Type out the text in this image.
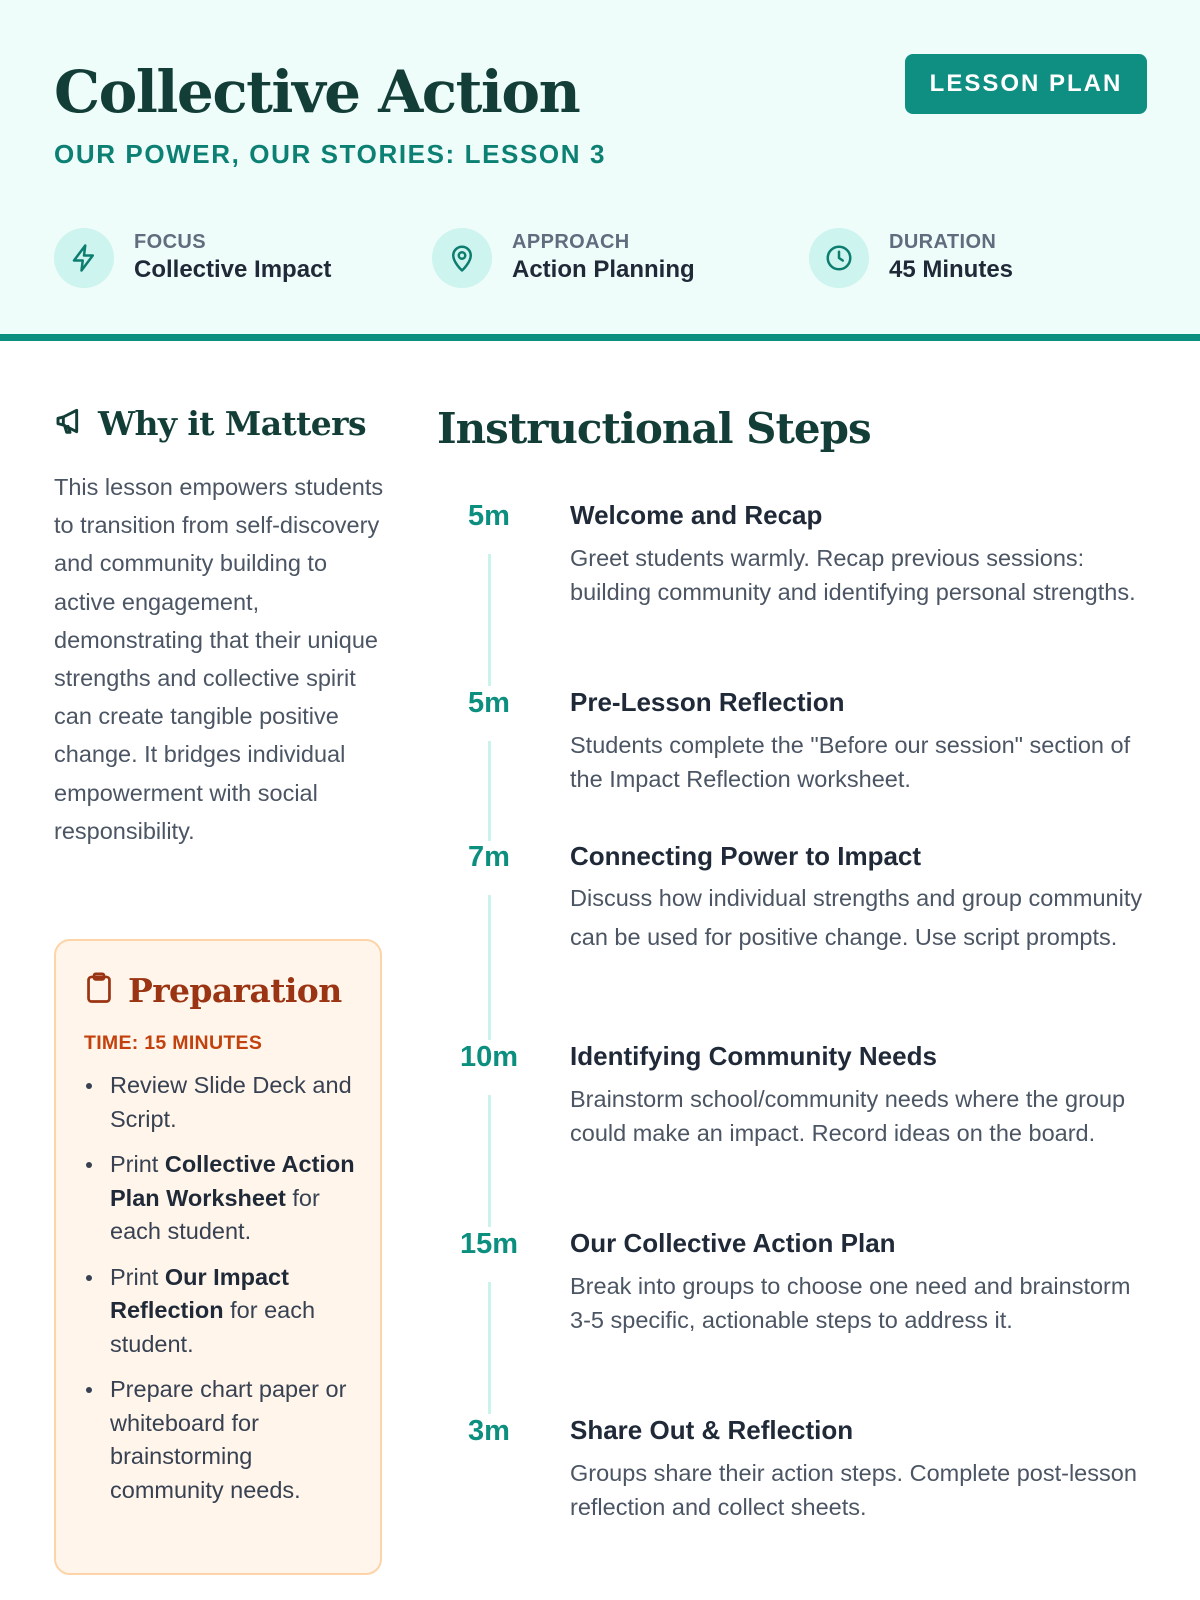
Collective Action
OUR POWER, OUR STORIES: LESSON 3
LESSON PLAN
FOCUS
Collective Impact
APPROACH
Action Planning
DURATION
45 Minutes
Why it Matters

This lesson empowers students to transition from self-discovery and community building to active engagement, demonstrating that their unique strengths and collective spirit can create tangible positive change. It bridges individual empowerment with social responsibility.

Preparation
TIME: 15 MINUTES
Review Slide Deck and Script.
Print Collective Action Plan Worksheet for each student.
Print Our Impact Reflection for each student.
Prepare chart paper or whiteboard for brainstorming community needs.
Instructional Steps
5m	Welcome and Recap
Greet students warmly. Recap previous sessions: building community and identifying personal strengths.
5m	Pre-Lesson Reflection
Students complete the "Before our session" section of the Impact Reflection worksheet.
7m	Connecting Power to Impact
Discuss how individual strengths and group community can be used for positive change. Use script prompts.
10m	Identifying Community Needs
Brainstorm school/community needs where the group could make an impact. Record ideas on the board.
15m	Our Collective Action Plan
Break into groups to choose one need and brainstorm 3-5 specific, actionable steps to address it.
3m	Share Out & Reflection
Groups share their action steps. Complete post-lesson reflection and collect sheets.
